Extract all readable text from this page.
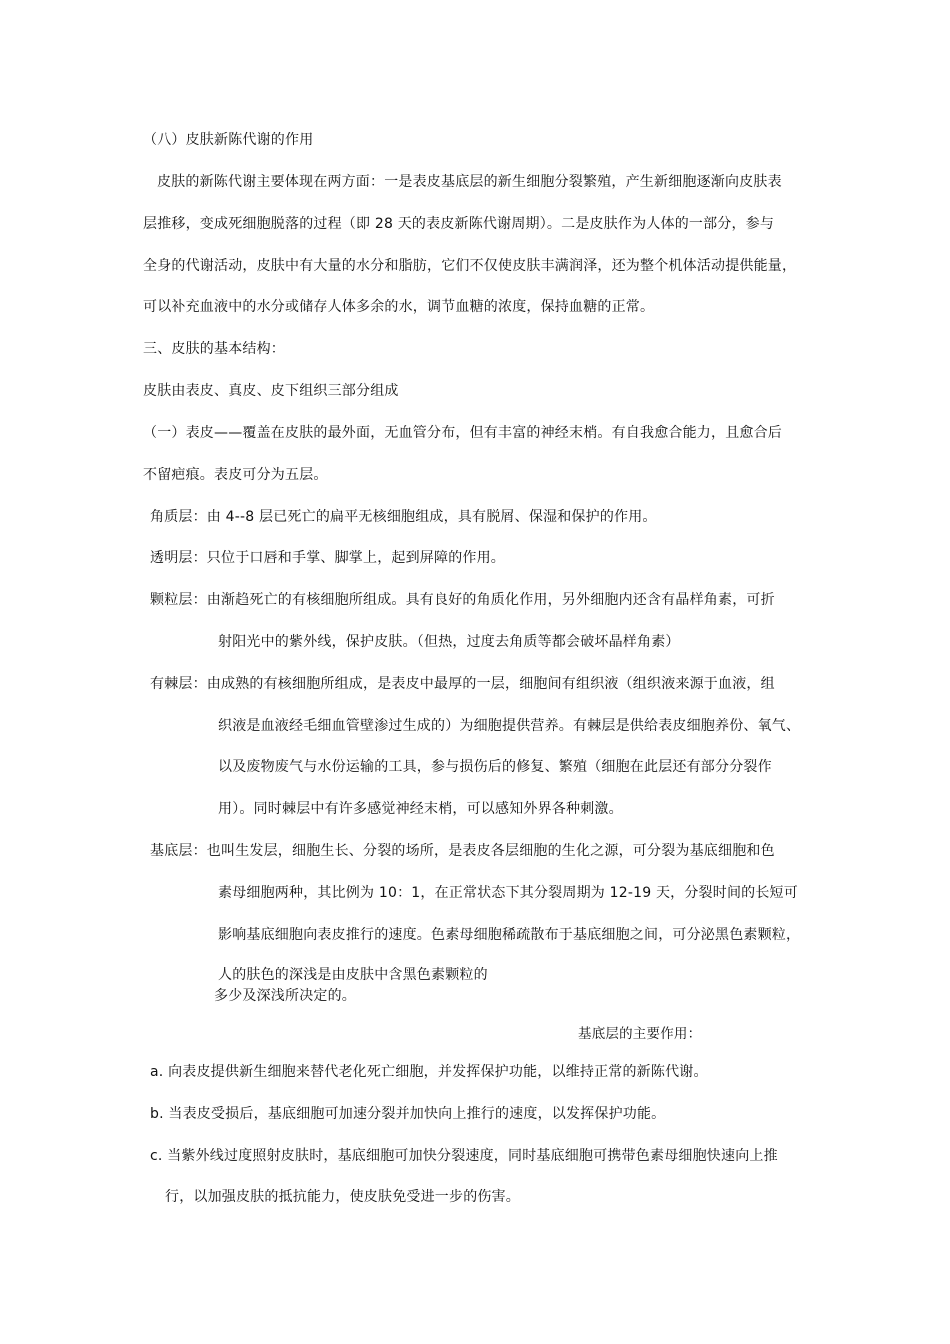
（八）皮肤新陈代谢的作用
皮肤的新陈代谢主要体现在两方面：一是表皮基底层的新生细胞分裂繁殖，产生新细胞逐渐向皮肤表
层推移，变成死细胞脱落的过程（即 28 天的表皮新陈代谢周期）。二是皮肤作为人体的一部分，参与
全身的代谢活动，皮肤中有大量的水分和脂肪，它们不仅使皮肤丰满润泽，还为整个机体活动提供能量，
可以补充血液中的水分或储存人体多余的水，调节血糖的浓度，保持血糖的正常。
三、皮肤的基本结构：
皮肤由表皮、真皮、皮下组织三部分组成
（一）表皮——覆盖在皮肤的最外面，无血管分布，但有丰富的神经末梢。有自我愈合能力，且愈合后
不留疤痕。表皮可分为五层。
角质层：由 4--8 层已死亡的扁平无核细胞组成，具有脱屑、保湿和保护的作用。
透明层：只位于口唇和手掌、脚掌上，起到屏障的作用。
颗粒层：由渐趋死亡的有核细胞所组成。具有良好的角质化作用，另外细胞内还含有晶样角素，可折
射阳光中的紫外线，保护皮肤。（但热，过度去角质等都会破坏晶样角素）
有棘层：由成熟的有核细胞所组成，是表皮中最厚的一层，细胞间有组织液（组织液来源于血液，组
织液是血液经毛细血管壁渗过生成的）为细胞提供营养。有棘层是供给表皮细胞养份、氧气、
以及废物废气与水份运输的工具，参与损伤后的修复、繁殖（细胞在此层还有部分分裂作
用）。同时棘层中有许多感觉神经末梢，可以感知外界各种刺激。
基底层：也叫生发层，细胞生长、分裂的场所，是表皮各层细胞的生化之源，可分裂为基底细胞和色
素母细胞两种，其比例为 10：1，在正常状态下其分裂周期为 12-19 天，分裂时间的长短可
影响基底细胞向表皮推行的速度。色素母细胞稀疏散布于基底细胞之间，可分泌黑色素颗粒，
人的肤色的深浅是由皮肤中含黑色素颗粒的
多少及深浅所决定的。
基底层的主要作用：
a. 向表皮提供新生细胞来替代老化死亡细胞，并发挥保护功能，以维持正常的新陈代谢。
b. 当表皮受损后，基底细胞可加速分裂并加快向上推行的速度，以发挥保护功能。
c. 当紫外线过度照射皮肤时，基底细胞可加快分裂速度，同时基底细胞可携带色素母细胞快速向上推
行，以加强皮肤的抵抗能力，使皮肤免受进一步的伤害。
